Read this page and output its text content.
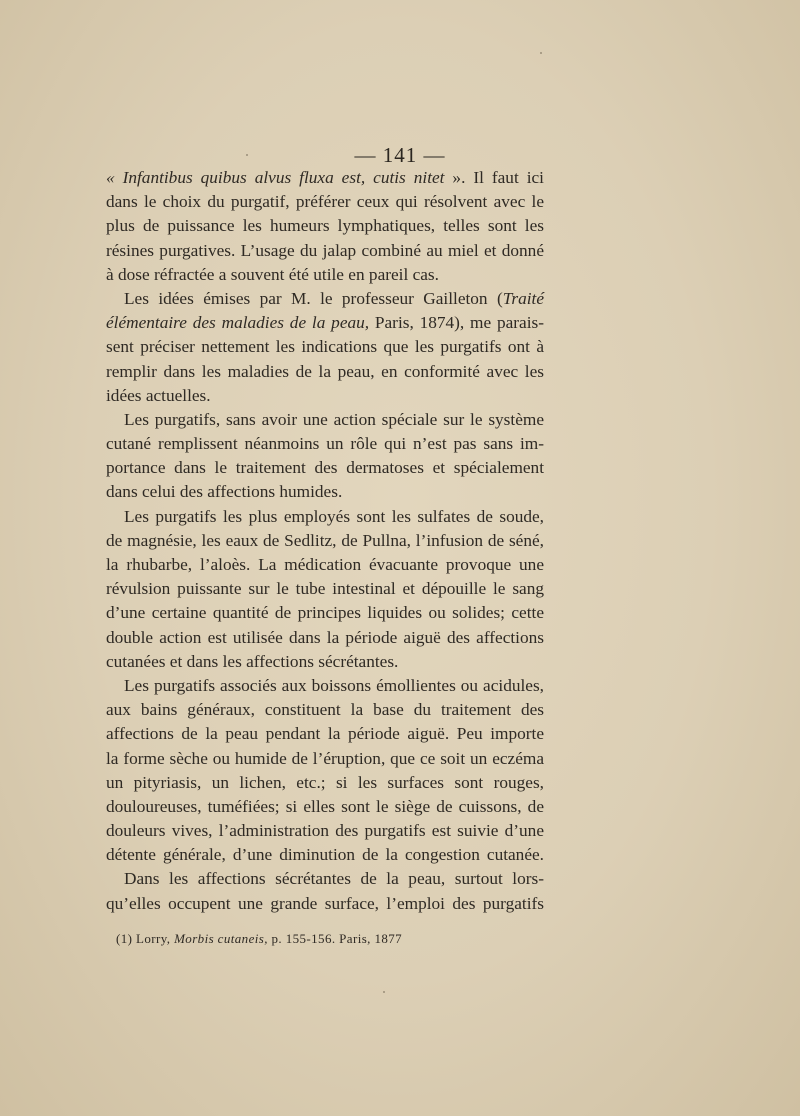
— 141 —
« Infantibus quibus alvus fluxa est, cutis nitet ». Il faut ici
dans le choix du purgatif, préférer ceux qui résolvent avec le
plus de puissance les humeurs lymphatiques, telles sont les
résines purgatives. L’usage du jalap combiné au miel et donné
à dose réfractée a souvent été utile en pareil cas.
Les idées émises par M. le professeur Gailleton (Traité
élémentaire des maladies de la peau, Paris, 1874), me parais-
sent préciser nettement les indications que les purgatifs ont à
remplir dans les maladies de la peau, en conformité avec les
idées actuelles.
Les purgatifs, sans avoir une action spéciale sur le système
cutané remplissent néanmoins un rôle qui n’est pas sans im-
portance dans le traitement des dermatoses et spécialement
dans celui des affections humides.
Les purgatifs les plus employés sont les sulfates de soude,
de magnésie, les eaux de Sedlitz, de Pullna, l’infusion de séné,
la rhubarbe, l’aloès. La médication évacuante provoque une
révulsion puissante sur le tube intestinal et dépouille le sang
d’une certaine quantité de principes liquides ou solides; cette
double action est utilisée dans la période aiguë des affections
cutanées et dans les affections sécrétantes.
Les purgatifs associés aux boissons émollientes ou acidules,
aux bains généraux, constituent la base du traitement des
affections de la peau pendant la période aiguë. Peu importe
la forme sèche ou humide de l’éruption, que ce soit un eczéma
un pityriasis, un lichen, etc.; si les surfaces sont rouges,
douloureuses, tuméfiées; si elles sont le siège de cuissons, de
douleurs vives, l’administration des purgatifs est suivie d’une
détente générale, d’une diminution de la congestion cutanée.
Dans les affections sécrétantes de la peau, surtout lors-
qu’elles occupent une grande surface, l’emploi des purgatifs
(1) Lorry, Morbis cutaneis, p. 155-156. Paris, 1877
